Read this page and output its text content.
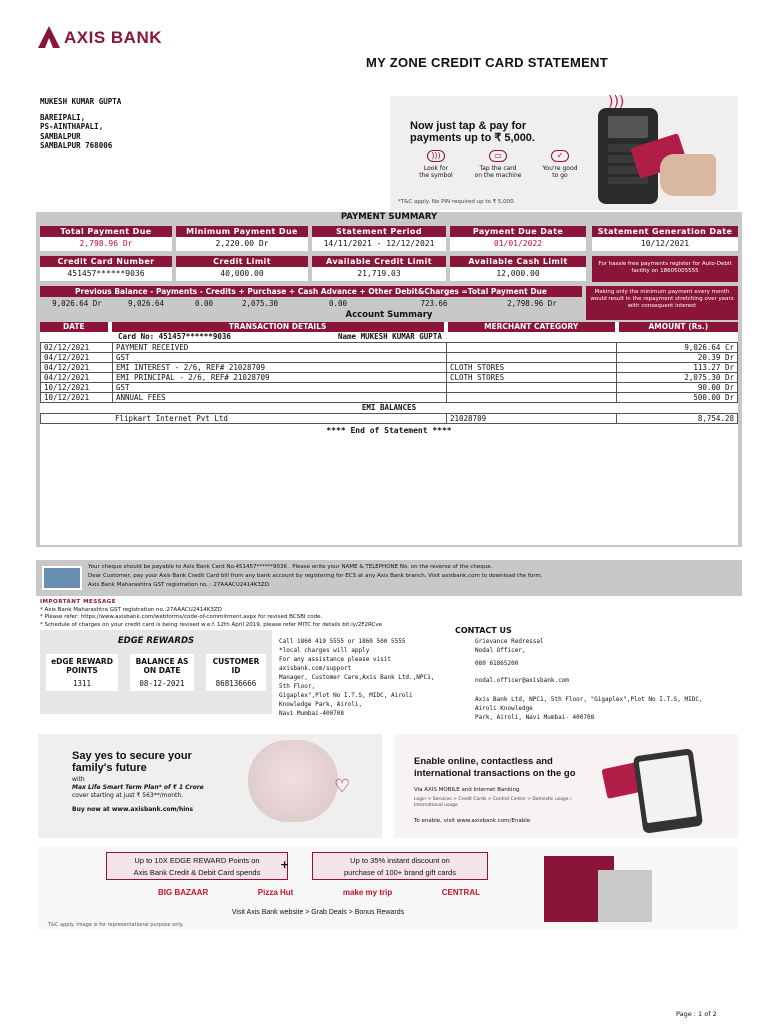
AXIS BANK
MY ZONE CREDIT CARD STATEMENT
MUKESH KUMAR GUPTA
BAREIPALI,
PS-AINTHAPALI,
SAMBALPUR
SAMBALPUR 768006
Now just tap & pay for
payments up to ₹ 5,000.
)))
Look for
the symbol
▭
Tap the card
on the machine
✓
You're good
to go
*T&C apply. No PIN required up to ₹ 5,000.
)))
PAYMENT SUMMARY
Total Payment Due
2,798.96 Dr
Minimum Payment Due
2,220.00 Dr
Statement Period
14/11/2021 - 12/12/2021
Payment Due Date
01/01/2022
Statement Generation Date
10/12/2021
Credit Card Number
451457******9036
Credit Limit
40,000.00
Available Credit Limit
21,719.03
Available Cash Limit
12,000.00
For hassle free payments register for Auto-Debit facility on 18605005555
Previous Balance - Payments - Credits + Purchase + Cash Advance + Other Debit&Charges =Total Payment Due
9,026.64 Dr	9,026.64	0.00	2,075.30	0.00	723.66	2,798.96 Dr
Making only the minimum payment every month would result in the repayment stretching over years with consequent interest
Account Summary
DATE	TRANSACTION DETAILS	MERCHANT CATEGORY	AMOUNT (Rs.)
Card No: 451457******9036	Name MUKESH KUMAR GUPTA
02/12/2021	PAYMENT RECEIVED		9,026.64 Cr
04/12/2021	GST		20.39 Dr
04/12/2021	EMI INTEREST - 2/6, REF# 21028709	CLOTH STORES	113.27 Dr
04/12/2021	EMI PRINCIPAL - 2/6, REF# 21028709	CLOTH STORES	2,075.30 Dr
10/12/2021	GST		90.00 Dr
10/12/2021	ANNUAL FEES		500.00 Dr
EMI BALANCES
Flipkart Internet Pvt Ltd	21028709	8,754.28
**** End of Statement ****
Your cheque should be payable to Axis Bank Card No.451457******9036 . Please write your NAME & TELEPHONE No. on the reverse of the cheque.
Dear Customer, pay your Axis Bank Credit Card bill from any bank account by registering for ECS at any Axis Bank branch. Visit axisbank.com to download the form.
Axis Bank Maharashtra GST registration no. : 27AAACU2414K3ZD.
IMPORTANT MESSAGE
* Axis Bank Maharashtra GST registration no.:27AAACU2414K3ZD
* Please refer: https://www.axisbank.com/webforms/code-of-commitment.aspx for revised BCSBI code.
* Schedule of charges on your credit card is being revised w.e.f. 12th April 2019, please refer MITC for details bit.ly/2F2RCve
EDGE REWARDS
eDGE REWARD POINTS
1311
BALANCE AS ON DATE
08-12-2021
CUSTOMER ID
868136666
CONTACT US
Call 1860 419 5555 or 1860 500 5555
*local charges will apply
For any assistance please visit
axisbank.com/support
Manager, Customer Care,Axis Bank Ltd.,NPC1,
5th Floor,
Gigaplex",Plot No I.T.S, MIDC, Airoli
Knowledge Park, Airoli,
Navi Mumbai-400708
Grievance Redressal
Nodal Officer,
080 61865200
nodal.officer@axisbank.com
Axis Bank Ltd, NPC1, 5th Floor, "Gigaplex",Plot No I.T.S, MIDC,
Airoli Knowledge
Park, Airoli, Navi Mumbai- 400708
Say yes to secure your
family's future
with
Max Life Smart Term Plan* of ₹ 1 Crore
cover starting at just ₹ 563**/month.
Buy now at www.axisbank.com/hins
♡
Enable online, contactless and
international transactions on the go
Via AXIS MOBILE and Internet Banking
Login > Services > Credit Cards > Control Center > Domestic usage / International usage
To enable, visit www.axisbank.com/Enable
Up to 10X EDGE REWARD Points on
Axis Bank Credit & Debit Card spends
+	Up to 35% instant discount on
purchase of 100+ brand gift cards
BIG BAZAAR	Pizza Hut	make my trip	CENTRAL
Visit Axis Bank website > Grab Deals > Bonus Rewards
T&C apply. Image is for representational purpose only.
Page : 1 of 2
